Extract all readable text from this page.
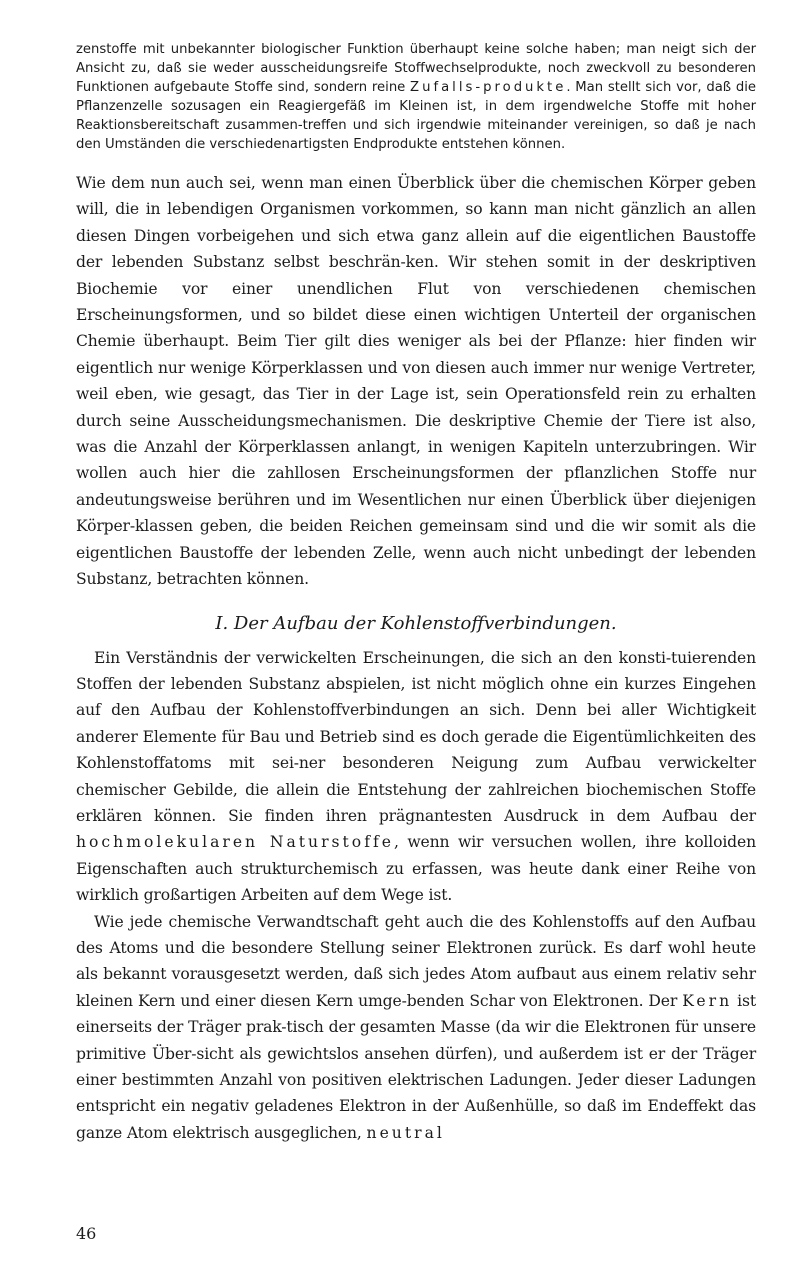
zenstoffe mit unbekannter biologischer Funktion überhaupt keine solche haben; man neigt sich der Ansicht zu, daß sie weder ausscheidungsreife Stoffwechselprodukte, noch zweckvoll zu besonderen Funktionen aufgebaute Stoffe sind, sondern reine Zufalls-produkte. Man stellt sich vor, daß die Pflanzenzelle sozusagen ein Reagiergefäß im Kleinen ist, in dem irgendwelche Stoffe mit hoher Reaktionsbereitschaft zusammen-treffen und sich irgendwie miteinander vereinigen, so daß je nach den Umständen die verschiedenartigsten Endprodukte entstehen können.

Wie dem nun auch sei, wenn man einen Überblick über die chemischen Körper geben will, die in lebendigen Organismen vorkommen, so kann man nicht gänzlich an allen diesen Dingen vorbeigehen und sich etwa ganz allein auf die eigentlichen Baustoffe der lebenden Substanz selbst beschrän-ken. Wir stehen somit in der deskriptiven Biochemie vor einer unendlichen Flut von verschiedenen chemischen Erscheinungsformen, und so bildet diese einen wichtigen Unterteil der organischen Chemie überhaupt. Beim Tier gilt dies weniger als bei der Pflanze: hier finden wir eigentlich nur wenige Körperklassen und von diesen auch immer nur wenige Vertreter, weil eben, wie gesagt, das Tier in der Lage ist, sein Operationsfeld rein zu erhalten durch seine Ausscheidungsmechanismen. Die deskriptive Chemie der Tiere ist also, was die Anzahl der Körperklassen anlangt, in wenigen Kapiteln unterzubringen. Wir wollen auch hier die zahllosen Erscheinungsformen der pflanzlichen Stoffe nur andeutungsweise berühren und im Wesentlichen nur einen Überblick über diejenigen Körper-klassen geben, die beiden Reichen gemeinsam sind und die wir somit als die eigentlichen Baustoffe der lebenden Zelle, wenn auch nicht unbedingt der lebenden Substanz, betrachten können.

I. Der Aufbau der Kohlenstoffverbindungen.

Ein Verständnis der verwickelten Erscheinungen, die sich an den konsti-tuierenden Stoffen der lebenden Substanz abspielen, ist nicht möglich ohne ein kurzes Eingehen auf den Aufbau der Kohlenstoffverbindungen an sich. Denn bei aller Wichtigkeit anderer Elemente für Bau und Betrieb sind es doch gerade die Eigentümlichkeiten des Kohlenstoffatoms mit sei-ner besonderen Neigung zum Aufbau verwickelter chemischer Gebilde, die allein die Entstehung der zahlreichen biochemischen Stoffe erklären können. Sie finden ihren prägnantesten Ausdruck in dem Aufbau der hochmolekularen Naturstoffe, wenn wir versuchen wollen, ihre kolloiden Eigenschaften auch strukturchemisch zu erfassen, was heute dank einer Reihe von wirklich großartigen Arbeiten auf dem Wege ist.

Wie jede chemische Verwandtschaft geht auch die des Kohlenstoffs auf den Aufbau des Atoms und die besondere Stellung seiner Elektronen zurück. Es darf wohl heute als bekannt vorausgesetzt werden, daß sich jedes Atom aufbaut aus einem relativ sehr kleinen Kern und einer diesen Kern umge-benden Schar von Elektronen. Der Kern ist einerseits der Träger prak-tisch der gesamten Masse (da wir die Elektronen für unsere primitive Über-sicht als gewichtslos ansehen dürfen), und außerdem ist er der Träger einer bestimmten Anzahl von positiven elektrischen Ladungen. Jeder dieser Ladungen entspricht ein negativ geladenes Elektron in der Außenhülle, so daß im Endeffekt das ganze Atom elektrisch ausgeglichen, neutral

46
